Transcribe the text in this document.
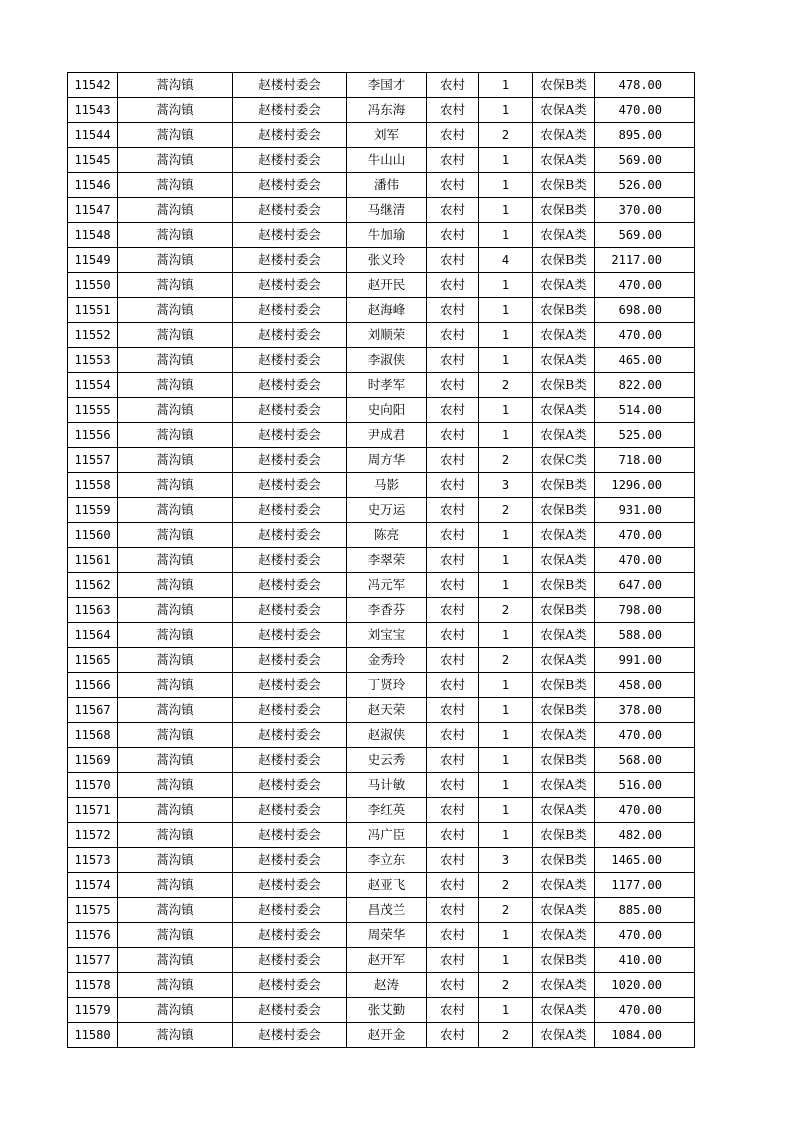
11542	蒿沟镇	赵楼村委会	李国才	农村	1	农保B类	478.00
11543	蒿沟镇	赵楼村委会	冯东海	农村	1	农保A类	470.00
11544	蒿沟镇	赵楼村委会	刘军	农村	2	农保A类	895.00
11545	蒿沟镇	赵楼村委会	牛山山	农村	1	农保A类	569.00
11546	蒿沟镇	赵楼村委会	潘伟	农村	1	农保B类	526.00
11547	蒿沟镇	赵楼村委会	马继清	农村	1	农保B类	370.00
11548	蒿沟镇	赵楼村委会	牛加瑜	农村	1	农保A类	569.00
11549	蒿沟镇	赵楼村委会	张义玲	农村	4	农保B类	2117.00
11550	蒿沟镇	赵楼村委会	赵开民	农村	1	农保A类	470.00
11551	蒿沟镇	赵楼村委会	赵海峰	农村	1	农保B类	698.00
11552	蒿沟镇	赵楼村委会	刘顺荣	农村	1	农保A类	470.00
11553	蒿沟镇	赵楼村委会	李淑侠	农村	1	农保A类	465.00
11554	蒿沟镇	赵楼村委会	时孝军	农村	2	农保B类	822.00
11555	蒿沟镇	赵楼村委会	史向阳	农村	1	农保A类	514.00
11556	蒿沟镇	赵楼村委会	尹成君	农村	1	农保A类	525.00
11557	蒿沟镇	赵楼村委会	周方华	农村	2	农保C类	718.00
11558	蒿沟镇	赵楼村委会	马影	农村	3	农保B类	1296.00
11559	蒿沟镇	赵楼村委会	史万运	农村	2	农保B类	931.00
11560	蒿沟镇	赵楼村委会	陈亮	农村	1	农保A类	470.00
11561	蒿沟镇	赵楼村委会	李翠荣	农村	1	农保A类	470.00
11562	蒿沟镇	赵楼村委会	冯元军	农村	1	农保B类	647.00
11563	蒿沟镇	赵楼村委会	李香芬	农村	2	农保B类	798.00
11564	蒿沟镇	赵楼村委会	刘宝宝	农村	1	农保A类	588.00
11565	蒿沟镇	赵楼村委会	金秀玲	农村	2	农保A类	991.00
11566	蒿沟镇	赵楼村委会	丁贤玲	农村	1	农保B类	458.00
11567	蒿沟镇	赵楼村委会	赵天荣	农村	1	农保B类	378.00
11568	蒿沟镇	赵楼村委会	赵淑侠	农村	1	农保A类	470.00
11569	蒿沟镇	赵楼村委会	史云秀	农村	1	农保B类	568.00
11570	蒿沟镇	赵楼村委会	马计敏	农村	1	农保A类	516.00
11571	蒿沟镇	赵楼村委会	李红英	农村	1	农保A类	470.00
11572	蒿沟镇	赵楼村委会	冯广臣	农村	1	农保B类	482.00
11573	蒿沟镇	赵楼村委会	李立东	农村	3	农保B类	1465.00
11574	蒿沟镇	赵楼村委会	赵亚飞	农村	2	农保A类	1177.00
11575	蒿沟镇	赵楼村委会	昌茂兰	农村	2	农保A类	885.00
11576	蒿沟镇	赵楼村委会	周荣华	农村	1	农保A类	470.00
11577	蒿沟镇	赵楼村委会	赵开军	农村	1	农保B类	410.00
11578	蒿沟镇	赵楼村委会	赵涛	农村	2	农保A类	1020.00
11579	蒿沟镇	赵楼村委会	张艾勤	农村	1	农保A类	470.00
11580	蒿沟镇	赵楼村委会	赵开金	农村	2	农保A类	1084.00
